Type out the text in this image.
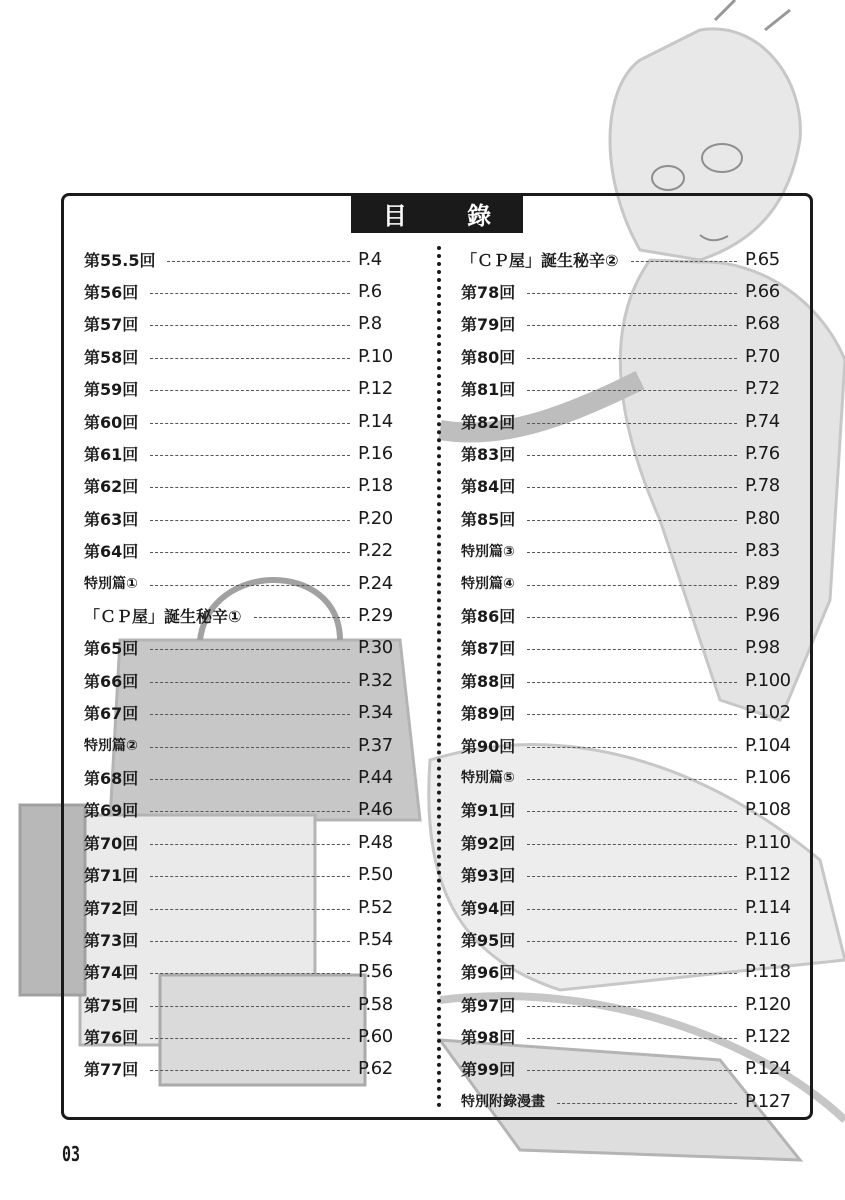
目 錄
第55.5回	P.4
第56回	P.6
第57回	P.8
第58回	P.10
第59回	P.12
第60回	P.14
第61回	P.16
第62回	P.18
第63回	P.20
第64回	P.22
特別篇①	P.24
「ＣＰ屋」誕生秘辛①	P.29
第65回	P.30
第66回	P.32
第67回	P.34
特別篇②	P.37
第68回	P.44
第69回	P.46
第70回	P.48
第71回	P.50
第72回	P.52
第73回	P.54
第74回	P.56
第75回	P.58
第76回	P.60
第77回	P.62
「ＣＰ屋」誕生秘辛②	P.65
第78回	P.66
第79回	P.68
第80回	P.70
第81回	P.72
第82回	P.74
第83回	P.76
第84回	P.78
第85回	P.80
特別篇③	P.83
特別篇④	P.89
第86回	P.96
第87回	P.98
第88回	P.100
第89回	P.102
第90回	P.104
特別篇⑤	P.106
第91回	P.108
第92回	P.110
第93回	P.112
第94回	P.114
第95回	P.116
第96回	P.118
第97回	P.120
第98回	P.122
第99回	P.124
特別附錄漫畫	P.127
03
